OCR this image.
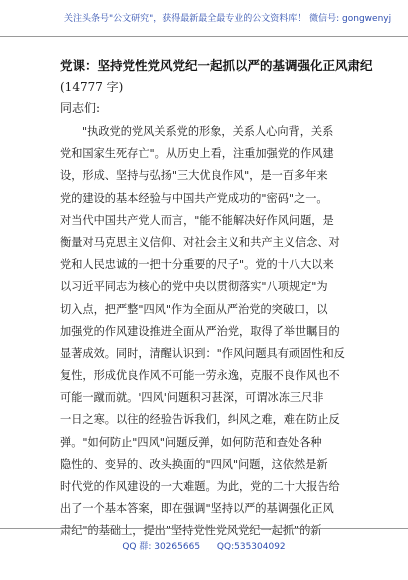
关注头条号"公文研究"，获得最新最全最专业的公文资料库！ 微信号: gongwenyj
党课：坚持党性党风党纪一起抓以严的基调强化正风肃纪
(14777 字)
同志们:
"执政党的党风关系党的形象，关系人心向背，关系
党和国家生死存亡"。从历史上看，注重加强党的作风建
设，形成、坚持与弘扬"三大优良作风"，是一百多年来
党的建设的基本经验与中国共产党成功的"密码"之一。
对当代中国共产党人而言，"能不能解决好作风问题，是
衡量对马克思主义信仰、对社会主义和共产主义信念、对
党和人民忠诚的一把十分重要的尺子"。党的十八大以来
以习近平同志为核心的党中央以贯彻落实"八项规定"为
切入点，把严整"四风"作为全面从严治党的突破口，以
加强党的作风建设推进全面从严治党，取得了举世瞩目的
显著成效。同时，清醒认识到："作风问题具有顽固性和反
复性，形成优良作风不可能一劳永逸，克服不良作风也不
可能一蹴而就。'四风'问题积习甚深，可谓冰冻三尺非
一日之寒。以往的经验告诉我们，纠风之难，难在防止反
弹。"如何防止"四风"问题反弹，如何防范和查处各种
隐性的、变异的、改头换面的"四风"问题，这依然是新
时代党的作风建设的一大难题。为此，党的二十大报告给
出了一个基本答案，即在强调"坚持以严的基调强化正风
肃纪"的基础上，提出"坚持党性党风党纪一起抓"的新
QQ 群: 30265665 QQ:535304092
